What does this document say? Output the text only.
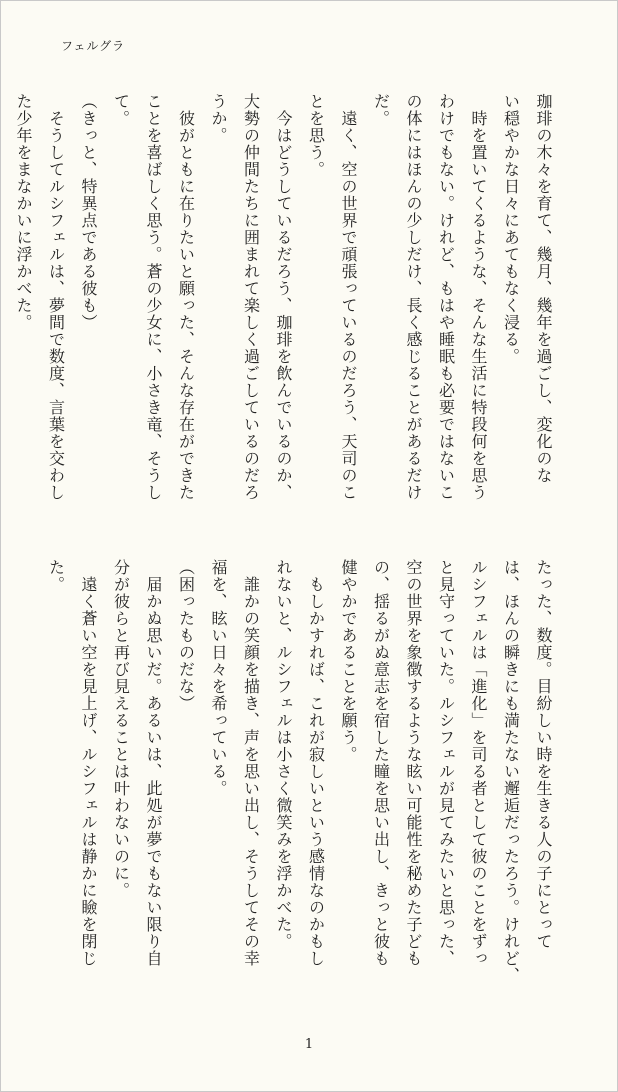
フェルグラ

珈琲の木々を育て、幾月、幾年を過ごし、変化のな

い穏やかな日々にあてもなく浸る。

　時を置いてくるような、そんな生活に特段何を思う

わけでもない。けれど、もはや睡眠も必要ではないこ

の体にはほんの少しだけ、長く感じることがあるだけ

だ。

　遠く、空の世界で頑張っているのだろう、天司のこ

とを思う。

　今はどうしているだろう、珈琲を飲んでいるのか、

大勢の仲間たちに囲まれて楽しく過ごしているのだろ

うか。

　彼がともに在りたいと願った、そんな存在ができた

ことを喜ばしく思う。蒼の少女に、小さき竜、そうし

て。

（きっと、特異点である彼も）

　そうしてルシフェルは、夢間で数度、言葉を交わし

た少年をまなかいに浮かべた。

たった、数度。目紛しい時を生きる人の子にとって

は、ほんの瞬きにも満たない邂逅だったろう。けれど、

ルシフェルは「進化」を司る者として彼のことをずっ

と見守っていた。ルシフェルが見てみたいと思った、

空の世界を象徴するような眩い可能性を秘めた子ども

の、揺るがぬ意志を宿した瞳を思い出し、きっと彼も

健やかであることを願う。

　もしかすれば、これが寂しいという感情なのかもし

れないと、ルシフェルは小さく微笑みを浮かべた。

　誰かの笑顔を描き、声を思い出し、そうしてその幸

福を、眩い日々を希っている。

（困ったものだな）

　届かぬ思いだ。あるいは、此処が夢でもない限り自

分が彼らと再び見えることは叶わないのに。

　遠く蒼い空を見上げ、ルシフェルは静かに瞼を閉じ

た。

1
